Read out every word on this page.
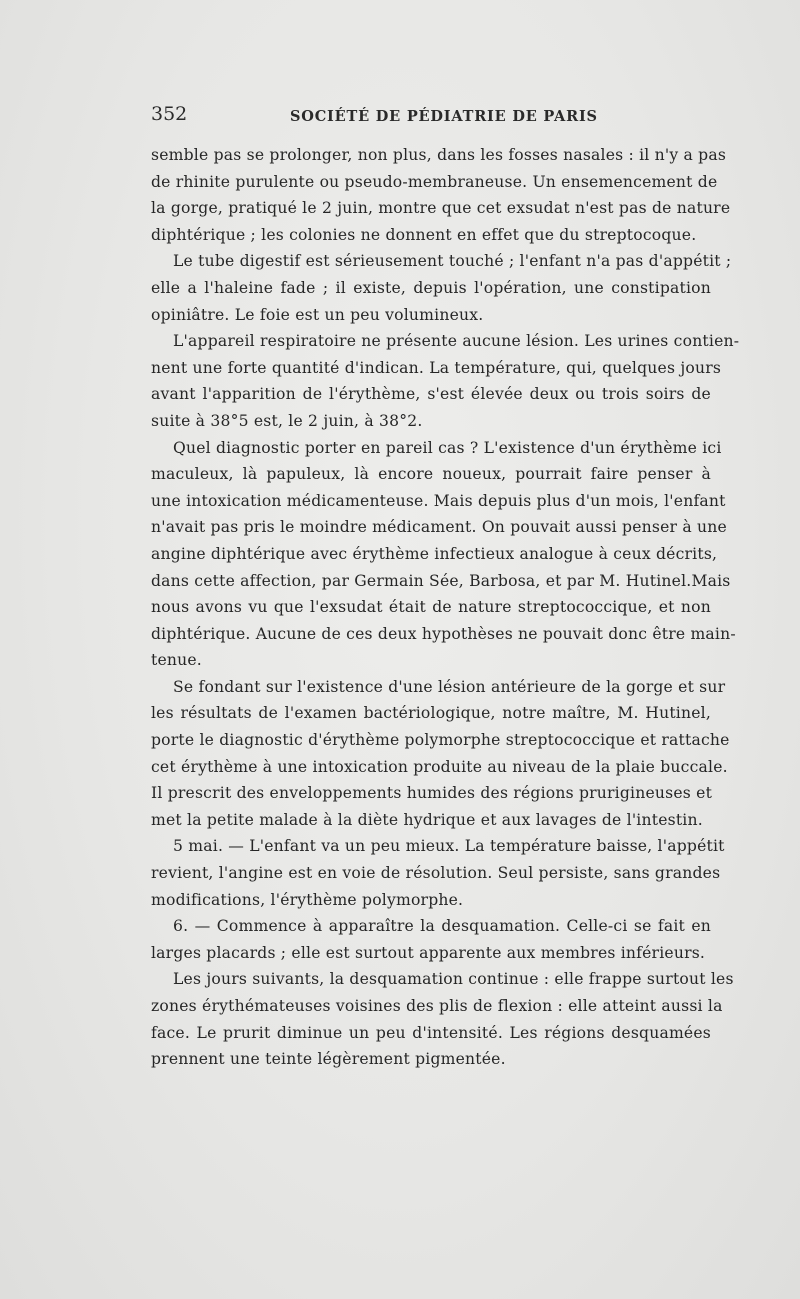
352	SOCIÉTÉ DE PÉDIATRIE DE PARIS
semble pas se prolonger, non plus, dans les fosses nasales : il n'y a pas
de rhinite purulente ou pseudo-membraneuse. Un ensemencement de
la gorge, pratiqué le 2 juin, montre que cet exsudat n'est pas de nature
diphtérique ; les colonies ne donnent en effet que du streptocoque.
Le tube digestif est sérieusement touché ; l'enfant n'a pas d'appétit ;
elle a l'haleine fade ; il existe, depuis l'opération, une constipation
opiniâtre. Le foie est un peu volumineux.
L'appareil respiratoire ne présente aucune lésion. Les urines contien-
nent une forte quantité d'indican. La température, qui, quelques jours
avant l'apparition de l'érythème, s'est élevée deux ou trois soirs de
suite à 38°5 est, le 2 juin, à 38°2.
Quel diagnostic porter en pareil cas ? L'existence d'un érythème ici
maculeux, là papuleux, là encore noueux, pourrait faire penser à
une intoxication médicamenteuse. Mais depuis plus d'un mois, l'enfant
n'avait pas pris le moindre médicament. On pouvait aussi penser à une
angine diphtérique avec érythème infectieux analogue à ceux décrits,
dans cette affection, par Germain Sée, Barbosa, et par M. Hutinel.Mais
nous avons vu que l'exsudat était de nature streptococcique, et non
diphtérique. Aucune de ces deux hypothèses ne pouvait donc être main-
tenue.
Se fondant sur l'existence d'une lésion antérieure de la gorge et sur
les résultats de l'examen bactériologique, notre maître, M. Hutinel,
porte le diagnostic d'érythème polymorphe streptococcique et rattache
cet érythème à une intoxication produite au niveau de la plaie buccale.
Il prescrit des enveloppements humides des régions prurigineuses et
met la petite malade à la diète hydrique et aux lavages de l'intestin.
5 mai. — L'enfant va un peu mieux. La température baisse, l'appétit
revient, l'angine est en voie de résolution. Seul persiste, sans grandes
modifications, l'érythème polymorphe.
6. — Commence à apparaître la desquamation. Celle-ci se fait en
larges placards ; elle est surtout apparente aux membres inférieurs.
Les jours suivants, la desquamation continue : elle frappe surtout les
zones érythémateuses voisines des plis de flexion : elle atteint aussi la
face. Le prurit diminue un peu d'intensité. Les régions desquamées
prennent une teinte légèrement pigmentée.
